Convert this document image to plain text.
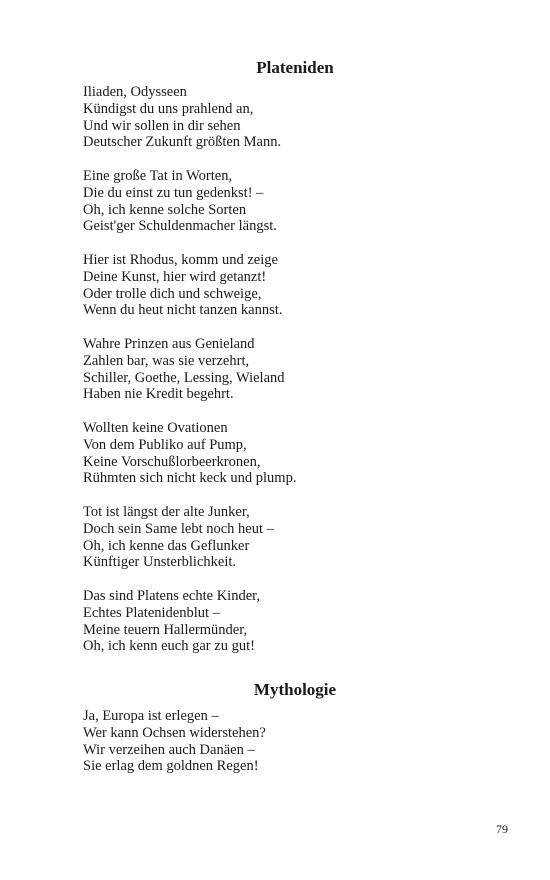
Plateniden

Iliaden, Odysseen
Kündigst du uns prahlend an,
Und wir sollen in dir sehen
Deutscher Zukunft größten Mann.

Eine große Tat in Worten,
Die du einst zu tun gedenkst! –
Oh, ich kenne solche Sorten
Geist'ger Schuldenmacher längst.

Hier ist Rhodus, komm und zeige
Deine Kunst, hier wird getanzt!
Oder trolle dich und schweige,
Wenn du heut nicht tanzen kannst.

Wahre Prinzen aus Genieland
Zahlen bar, was sie verzehrt,
Schiller, Goethe, Lessing, Wieland
Haben nie Kredit begehrt.

Wollten keine Ovationen
Von dem Publiko auf Pump,
Keine Vorschußlorbeerkronen,
Rühmten sich nicht keck und plump.

Tot ist längst der alte Junker,
Doch sein Same lebt noch heut –
Oh, ich kenne das Geflunker
Künftiger Unsterblichkeit.

Das sind Platens echte Kinder,
Echtes Platenidenblut –
Meine teuern Hallermünder,
Oh, ich kenn euch gar zu gut!

Mythologie

Ja, Europa ist erlegen –
Wer kann Ochsen widerstehen?
Wir verzeihen auch Danäen –
Sie erlag dem goldnen Regen!

79
